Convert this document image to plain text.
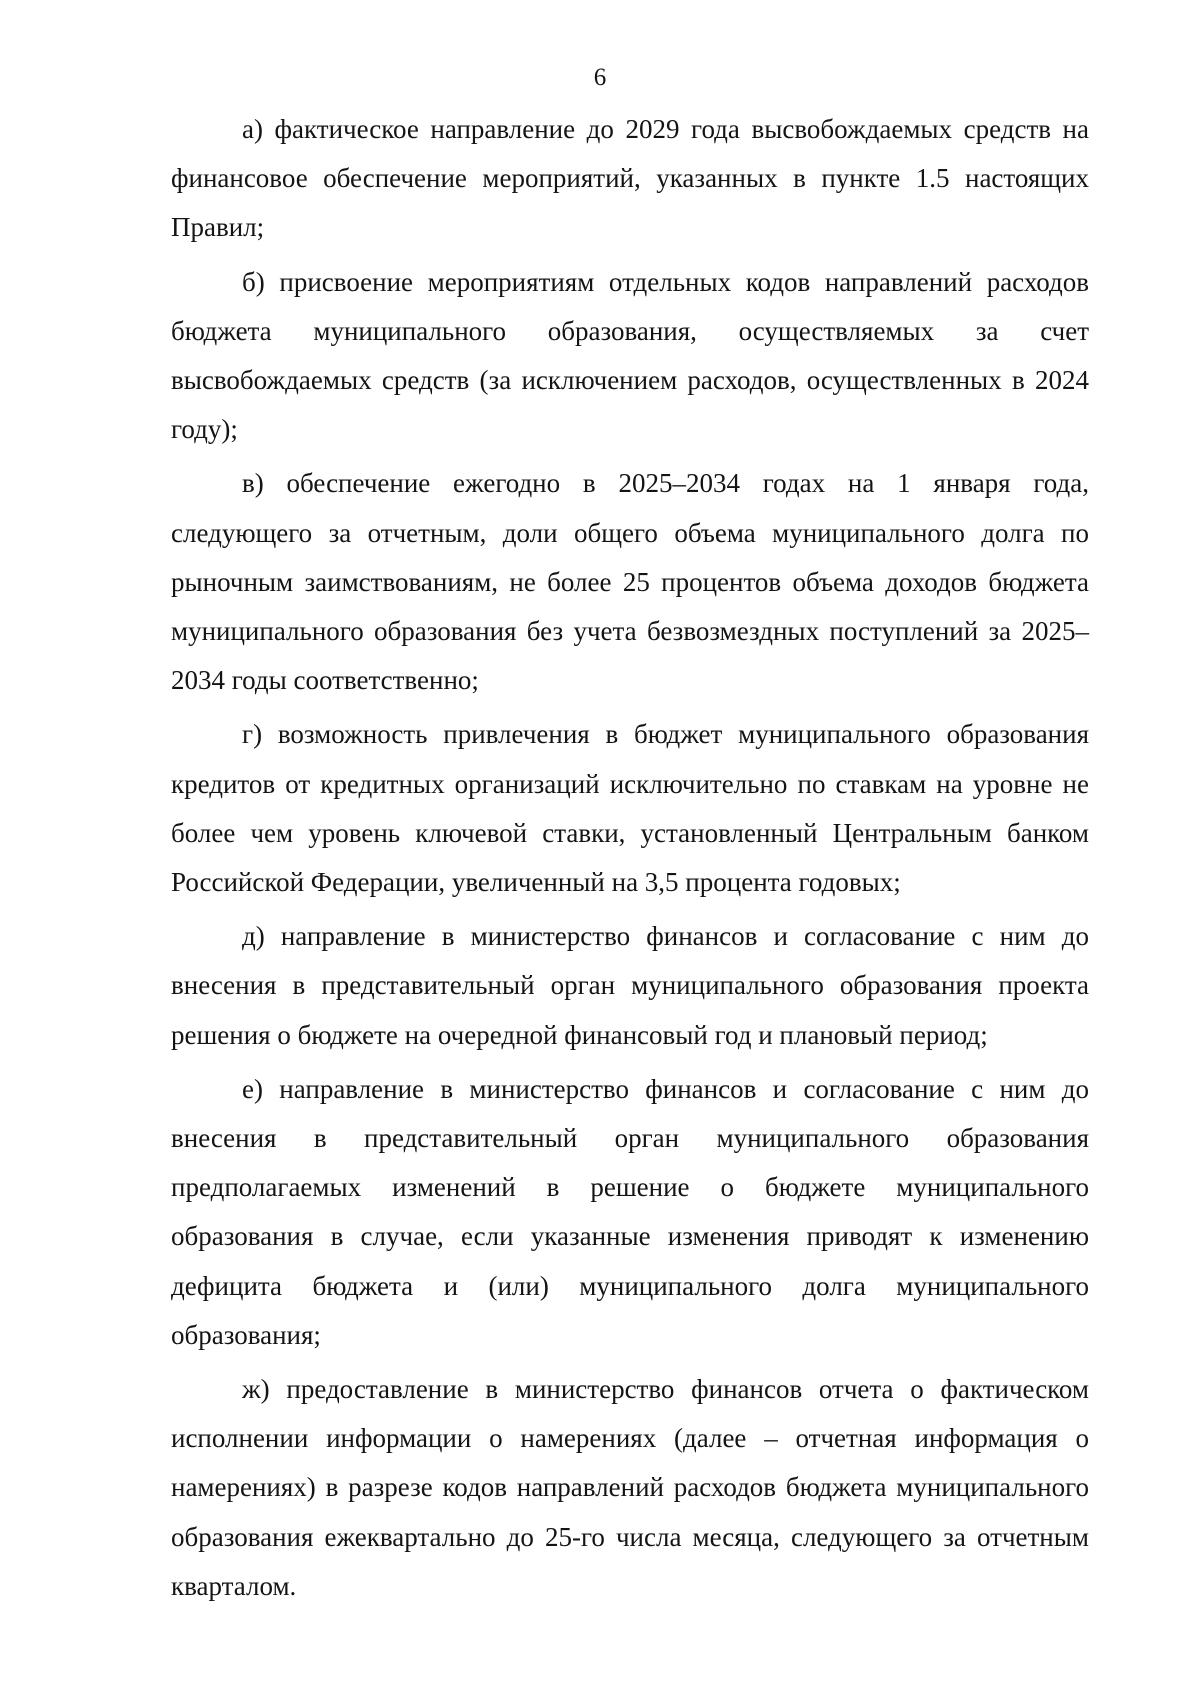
6

а) фактическое направление до 2029 года высвобождаемых средств на финансовое обеспечение мероприятий, указанных в пункте 1.5 настоящих Правил;

б) присвоение мероприятиям отдельных кодов направлений расходов бюджета муниципального образования, осуществляемых за счет высвобождаемых средств (за исключением расходов, осуществленных в 2024 году);

в) обеспечение ежегодно в 2025–2034 годах на 1 января года, следующего за отчетным, доли общего объема муниципального долга по рыночным заимствованиям, не более 25 процентов объема доходов бюджета муниципального образования без учета безвозмездных поступлений за 2025–2034 годы соответственно;

г) возможность привлечения в бюджет муниципального образования кредитов от кредитных организаций исключительно по ставкам на уровне не более чем уровень ключевой ставки, установленный Центральным банком Российской Федерации, увеличенный на 3,5 процента годовых;

д) направление в министерство финансов и согласование с ним до внесения в представительный орган муниципального образования проекта решения о бюджете на очередной финансовый год и плановый период;

е) направление в министерство финансов и согласование с ним до внесения в представительный орган муниципального образования предполагаемых изменений в решение о бюджете муниципального образования в случае, если указанные изменения приводят к изменению дефицита бюджета и (или) муниципального долга муниципального образования;

ж) предоставление в министерство финансов отчета о фактическом исполнении информации о намерениях (далее – отчетная информация о намерениях) в разрезе кодов направлений расходов бюджета муниципального образования ежеквартально до 25-го числа месяца, следующего за отчетным кварталом.
